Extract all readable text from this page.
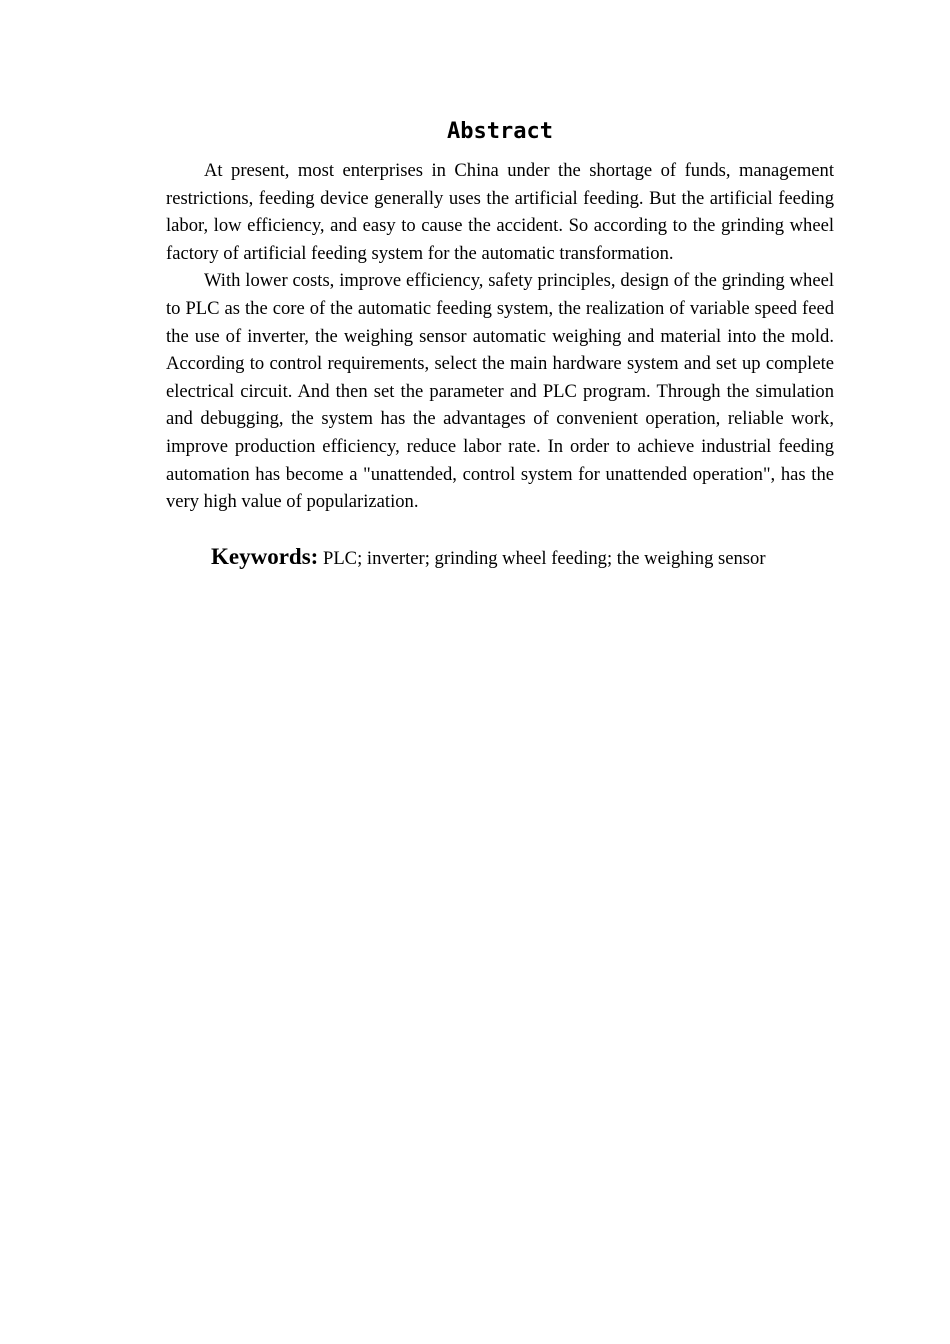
Abstract

At present, most enterprises in China under the shortage of funds, management restrictions, feeding device generally uses the artificial feeding. But the artificial feeding labor, low efficiency, and easy to cause the accident. So according to the grinding wheel factory of artificial feeding system for the automatic transformation.

With lower costs, improve efficiency, safety principles, design of the grinding wheel to PLC as the core of the automatic feeding system, the realization of variable speed feed the use of inverter, the weighing sensor automatic weighing and material into the mold. According to control requirements, select the main hardware system and set up complete electrical circuit. And then set the parameter and PLC program. Through the simulation and debugging, the system has the advantages of convenient operation, reliable work, improve production efficiency, reduce labor rate. In order to achieve industrial feeding automation has become a "unattended, control system for unattended operation", has the very high value of popularization.

Keywords: PLC; inverter; grinding wheel feeding; the weighing sensor
